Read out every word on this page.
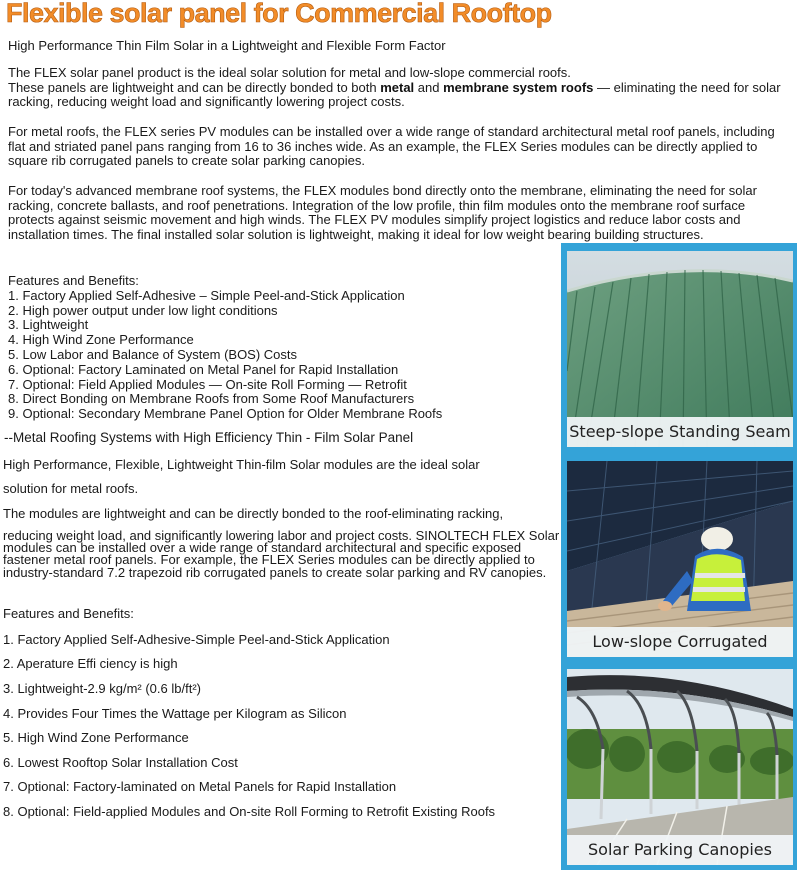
Flexible solar panel for Commercial Rooftop
High Performance Thin Film Solar in a Lightweight and Flexible Form Factor

The FLEX solar panel product is the ideal solar solution for metal and low-slope commercial roofs.
These panels are lightweight and can be directly bonded to both metal and membrane system roofs — eliminating the need for solar racking, reducing weight load and significantly lowering project costs.

For metal roofs, the FLEX series PV modules can be installed over a wide range of standard architectural metal roof panels, including flat and striated panel pans ranging from 16 to 36 inches wide. As an example, the FLEX Series modules can be directly applied to square rib corrugated panels to create solar parking canopies.

For today's advanced membrane roof systems, the FLEX modules bond directly onto the membrane, eliminating the need for solar racking, concrete ballasts, and roof penetrations. Integration of the low profile, thin film modules onto the membrane roof surface protects against seismic movement and high winds. The FLEX PV modules simplify project logistics and reduce labor costs and installation times. The final installed solar solution is lightweight, making it ideal for low weight bearing building structures.

Features and Benefits:
1. Factory Applied Self-Adhesive – Simple Peel-and-Stick Application
2. High power output under low light conditions
3. Lightweight
4. High Wind Zone Performance
5. Low Labor and Balance of System (BOS) Costs
6. Optional: Factory Laminated on Metal Panel for Rapid Installation
7. Optional: Field Applied Modules — On-site Roll Forming — Retrofit
8. Direct Bonding on Membrane Roofs from Some Roof Manufacturers
9. Optional: Secondary Membrane Panel Option for Older Membrane Roofs
--Metal Roofing Systems with High Efficiency Thin - Film Solar Panel
High Performance, Flexible, Lightweight Thin-film Solar modules are the ideal solar
solution for metal roofs.
The modules are lightweight and can be directly bonded to the roof-eliminating racking,

reducing weight load, and significantly lowering labor and project costs. SINOLTECH FLEX Solar modules can be installed over a wide range of standard architectural and specific exposed fastener metal roof panels. For example, the FLEX Series modules can be directly applied to industry-standard 7.2 trapezoid rib corrugated panels to create solar parking and RV canopies.

Features and Benefits:
1. Factory Applied Self-Adhesive-Simple Peel-and-Stick Application
2. Aperature Effi ciency is high
3. Lightweight-2.9 kg/m² (0.6 lb/ft²)
4. Provides Four Times the Wattage per Kilogram as Silicon
5. High Wind Zone Performance
6. Lowest Rooftop Solar Installation Cost
7. Optional: Factory-laminated on Metal Panels for Rapid Installation
8. Optional: Field-applied Modules and On-site Roll Forming to Retrofit Existing Roofs
Steep-slope Standing Seam
Low-slope Corrugated
Solar Parking Canopies
